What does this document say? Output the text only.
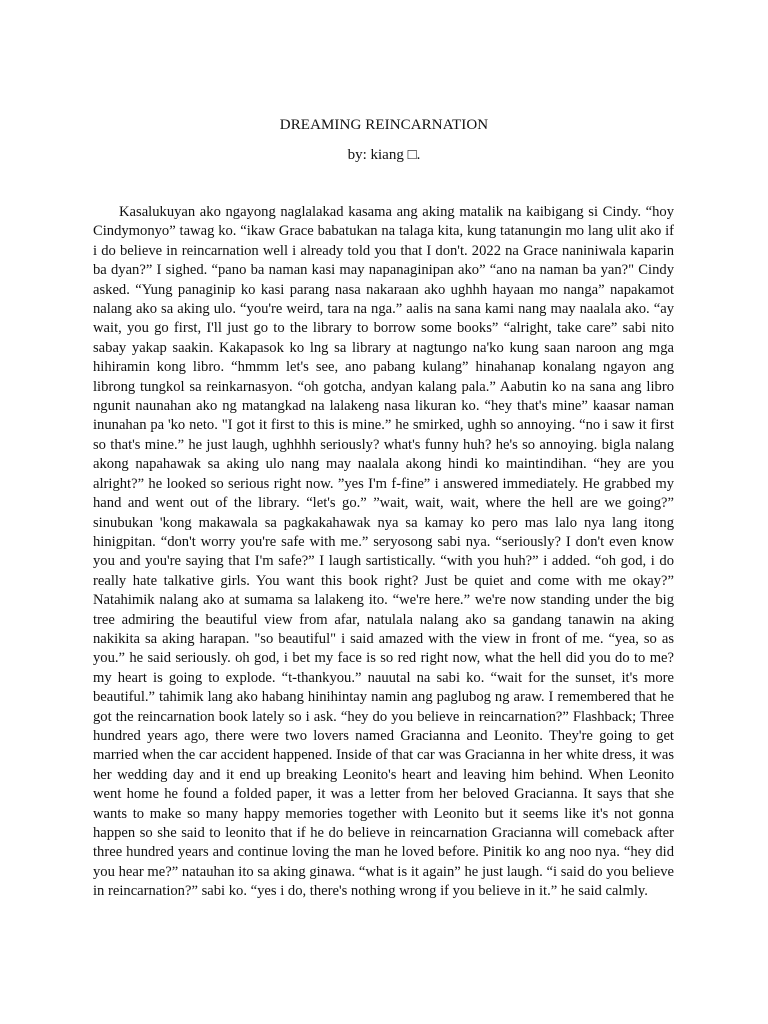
DREAMING REINCARNATION
by: kiang □.

Kasalukuyan ako ngayong naglalakad kasama ang aking matalik na kaibigang si Cindy. “hoy Cindymonyo” tawag ko. “ikaw Grace babatukan na talaga kita, kung tatanungin mo lang ulit ako if i do believe in reincarnation well i already told you that I don't. 2022 na Grace naniniwala kaparin ba dyan?” I sighed. “pano ba naman kasi may napanaginipan ako” “ano na naman ba yan?" Cindy asked. “Yung panaginip ko kasi parang nasa nakaraan ako ughhh hayaan mo nanga” napakamot nalang ako sa aking ulo. “you're weird, tara na nga.” aalis na sana kami nang may naalala ako. “ay wait, you go first, I'll just go to the library to borrow some books” “alright, take care” sabi nito sabay yakap saakin. Kakapasok ko lng sa library at nagtungo na'ko kung saan naroon ang mga hihiramin kong libro. “hmmm let's see, ano pabang kulang” hinahanap konalang ngayon ang librong tungkol sa reinkarnasyon. “oh gotcha, andyan kalang pala.” Aabutin ko na sana ang libro ngunit naunahan ako ng matangkad na lalakeng nasa likuran ko. “hey that's mine” kaasar naman inunahan pa 'ko neto. "I got it first to this is mine.” he smirked, ughh so annoying. “no i saw it first so that's mine.” he just laugh, ughhhh seriously? what's funny huh? he's so annoying. bigla nalang akong napahawak sa aking ulo nang may naalala akong hindi ko maintindihan. “hey are you alright?” he looked so serious right now. ”yes I'm f-fine” i answered immediately. He grabbed my hand and went out of the library. “let's go.” ”wait, wait, wait, where the hell are we going?” sinubukan 'kong makawala sa pagkakahawak nya sa kamay ko pero mas lalo nya lang itong hinigpitan. “don't worry you're safe with me.” seryosong sabi nya. “seriously? I don't even know you and you're saying that I'm safe?” I laugh sartistically. “with you huh?” i added. “oh god, i do really hate talkative girls. You want this book right? Just be quiet and come with me okay?” Natahimik nalang ako at sumama sa lalakeng ito. “we're here.” we're now standing under the big tree admiring the beautiful view from afar, natulala nalang ako sa gandang tanawin na aking nakikita sa aking harapan. "so beautiful" i said amazed with the view in front of me. “yea, so as you.” he said seriously. oh god, i bet my face is so red right now, what the hell did you do to me? my heart is going to explode. “t-thankyou.” nauutal na sabi ko. “wait for the sunset, it's more beautiful.” tahimik lang ako habang hinihintay namin ang paglubog ng araw. I remembered that he got the reincarnation book lately so i ask. “hey do you believe in reincarnation?” Flashback; Three hundred years ago, there were two lovers named Gracianna and Leonito. They're going to get married when the car accident happened. Inside of that car was Gracianna in her white dress, it was her wedding day and it end up breaking Leonito's heart and leaving him behind. When Leonito went home he found a folded paper, it was a letter from her beloved Gracianna. It says that she wants to make so many happy memories together with Leonito but it seems like it's not gonna happen so she said to leonito that if he do believe in reincarnation Gracianna will comeback after three hundred years and continue loving the man he loved before. Pinitik ko ang noo nya. “hey did you hear me?” natauhan ito sa aking ginawa. “what is it again” he just laugh. “i said do you believe in reincarnation?” sabi ko. “yes i do, there's nothing wrong if you believe in it.” he said calmly.
